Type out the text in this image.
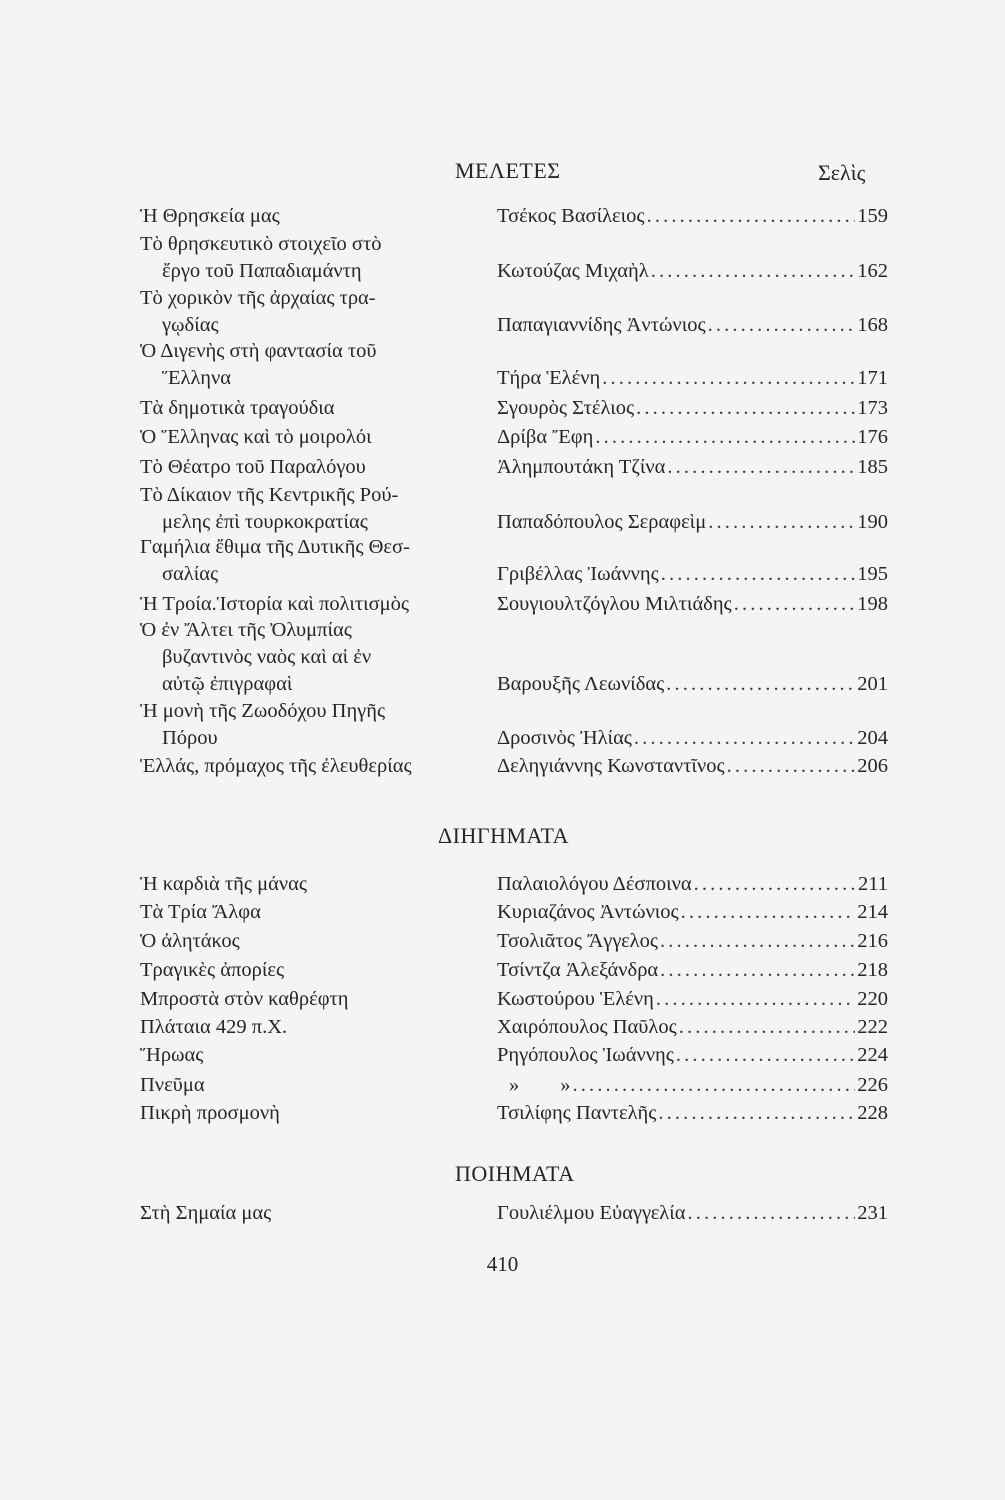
ΜΕΛΕΤΕΣ	Σελὶς
Ἡ Θρησκεία μας	Τσέκος Βασίλειος . . .	159
Τὸ θρησκευτικὸ στοιχεῖο στὸ
ἔργο τοῦ Παπαδιαμάντη	Κωτούζας Μιχαὴλ . . .	162
Τὸ χορικὸν τῆς ἀρχαίας τρα-
γῳδίας	Παπαγιαννίδης Ἀντώνιος . . .	168
Ὁ Διγενὴς στὴ φαντασία τοῦ
Ἕλληνα	Τήρα Ἑλένη . . .	171
Τὰ δημοτικὰ τραγούδια	Σγουρὸς Στέλιος . . .	173
Ὁ Ἕλληνας καὶ τὸ μοιρολόι	Δρίβα Ἔφη . . .	176
Τὸ Θέατρο τοῦ Παραλόγου	Ἀλημπουτάκη Τζίνα . . .	185
Τὸ Δίκαιον τῆς Κεντρικῆς Ρού-
μελης ἐπὶ τουρκοκρατίας	Παπαδόπουλος Σεραφεὶμ . . .	190
Γαμήλια ἔθιμα τῆς Δυτικῆς Θεσ-
σαλίας	Γριβέλλας Ἰωάννης . . .	195
Ἡ Τροία.Ἱστορία καὶ πολιτισμὸς	Σουγιουλτζόγλου Μιλτιάδης . . .	198
Ὁ ἐν Ἄλτει τῆς Ὀλυμπίας
βυζαντινὸς ναὸς καὶ αἱ ἐν
αὐτῷ ἐπιγραφαὶ	Βαρουξῆς Λεωνίδας . . .	201
Ἡ μονὴ τῆς Ζωοδόχου Πηγῆς
Πόρου	Δροσινὸς Ἠλίας . . .	204
Ἑλλάς, πρόμαχος τῆς ἐλευθερίας	Δεληγιάννης Κωνσταντῖνος . . .	206
ΔΙΗΓΗΜΑΤΑ
Ἡ καρδιὰ τῆς μάνας	Παλαιολόγου Δέσποινα . . .	211
Τὰ Τρία Ἄλφα	Κυριαζάνος Ἀντώνιος . . .	214
Ὁ ἀλητάκος	Τσολιᾶτος Ἄγγελος . . .	216
Τραγικὲς ἀπορίες	Τσίντζα Ἀλεξάνδρα . . .	218
Μπροστὰ στὸν καθρέφτη	Κωστούρου Ἑλένη . . .	220
Πλάταια 429 π.Χ.	Χαιρόπουλος Παῦλος . . .	222
Ἥρωας	Ρηγόπουλος Ἰωάννης . . .	224
Πνεῦμα	»        » . . .	226
Πικρὴ προσμονὴ	Τσιλίφης Παντελῆς . . .	228
ΠΟΙΗΜΑΤΑ
Στὴ Σημαία μας	Γουλιέλμου Εὐαγγελία . . .	231
410
